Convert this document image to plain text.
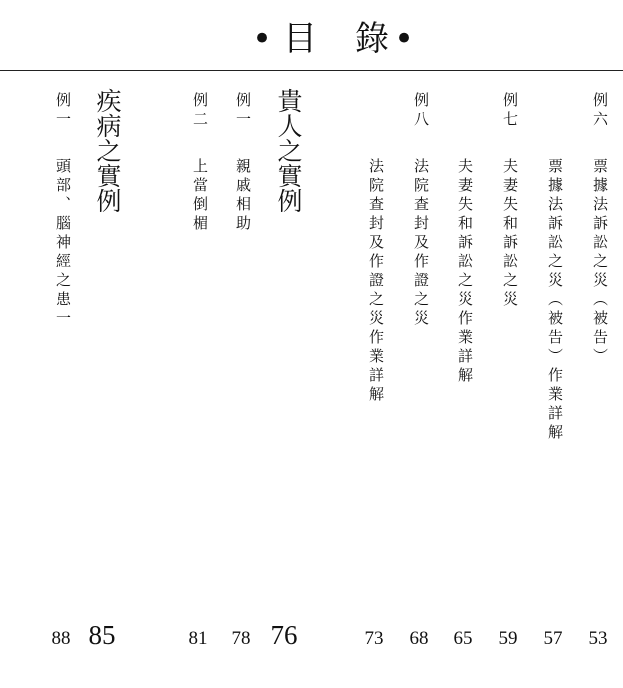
• 目 錄 •
例六
票據法訴訟之災（被告）
53
票據法訴訟之災（被告）作業詳解
57
例七
夫妻失和訴訟之災
59
夫妻失和訴訟之災作業詳解
65
例八
法院查封及作證之災
68
法院查封及作證之災作業詳解
73
貴人之實例
76
例一
親戚相助
78
例二
上當倒楣
81
疾病之實例
85
例一
頭部、腦神經之患一
88
